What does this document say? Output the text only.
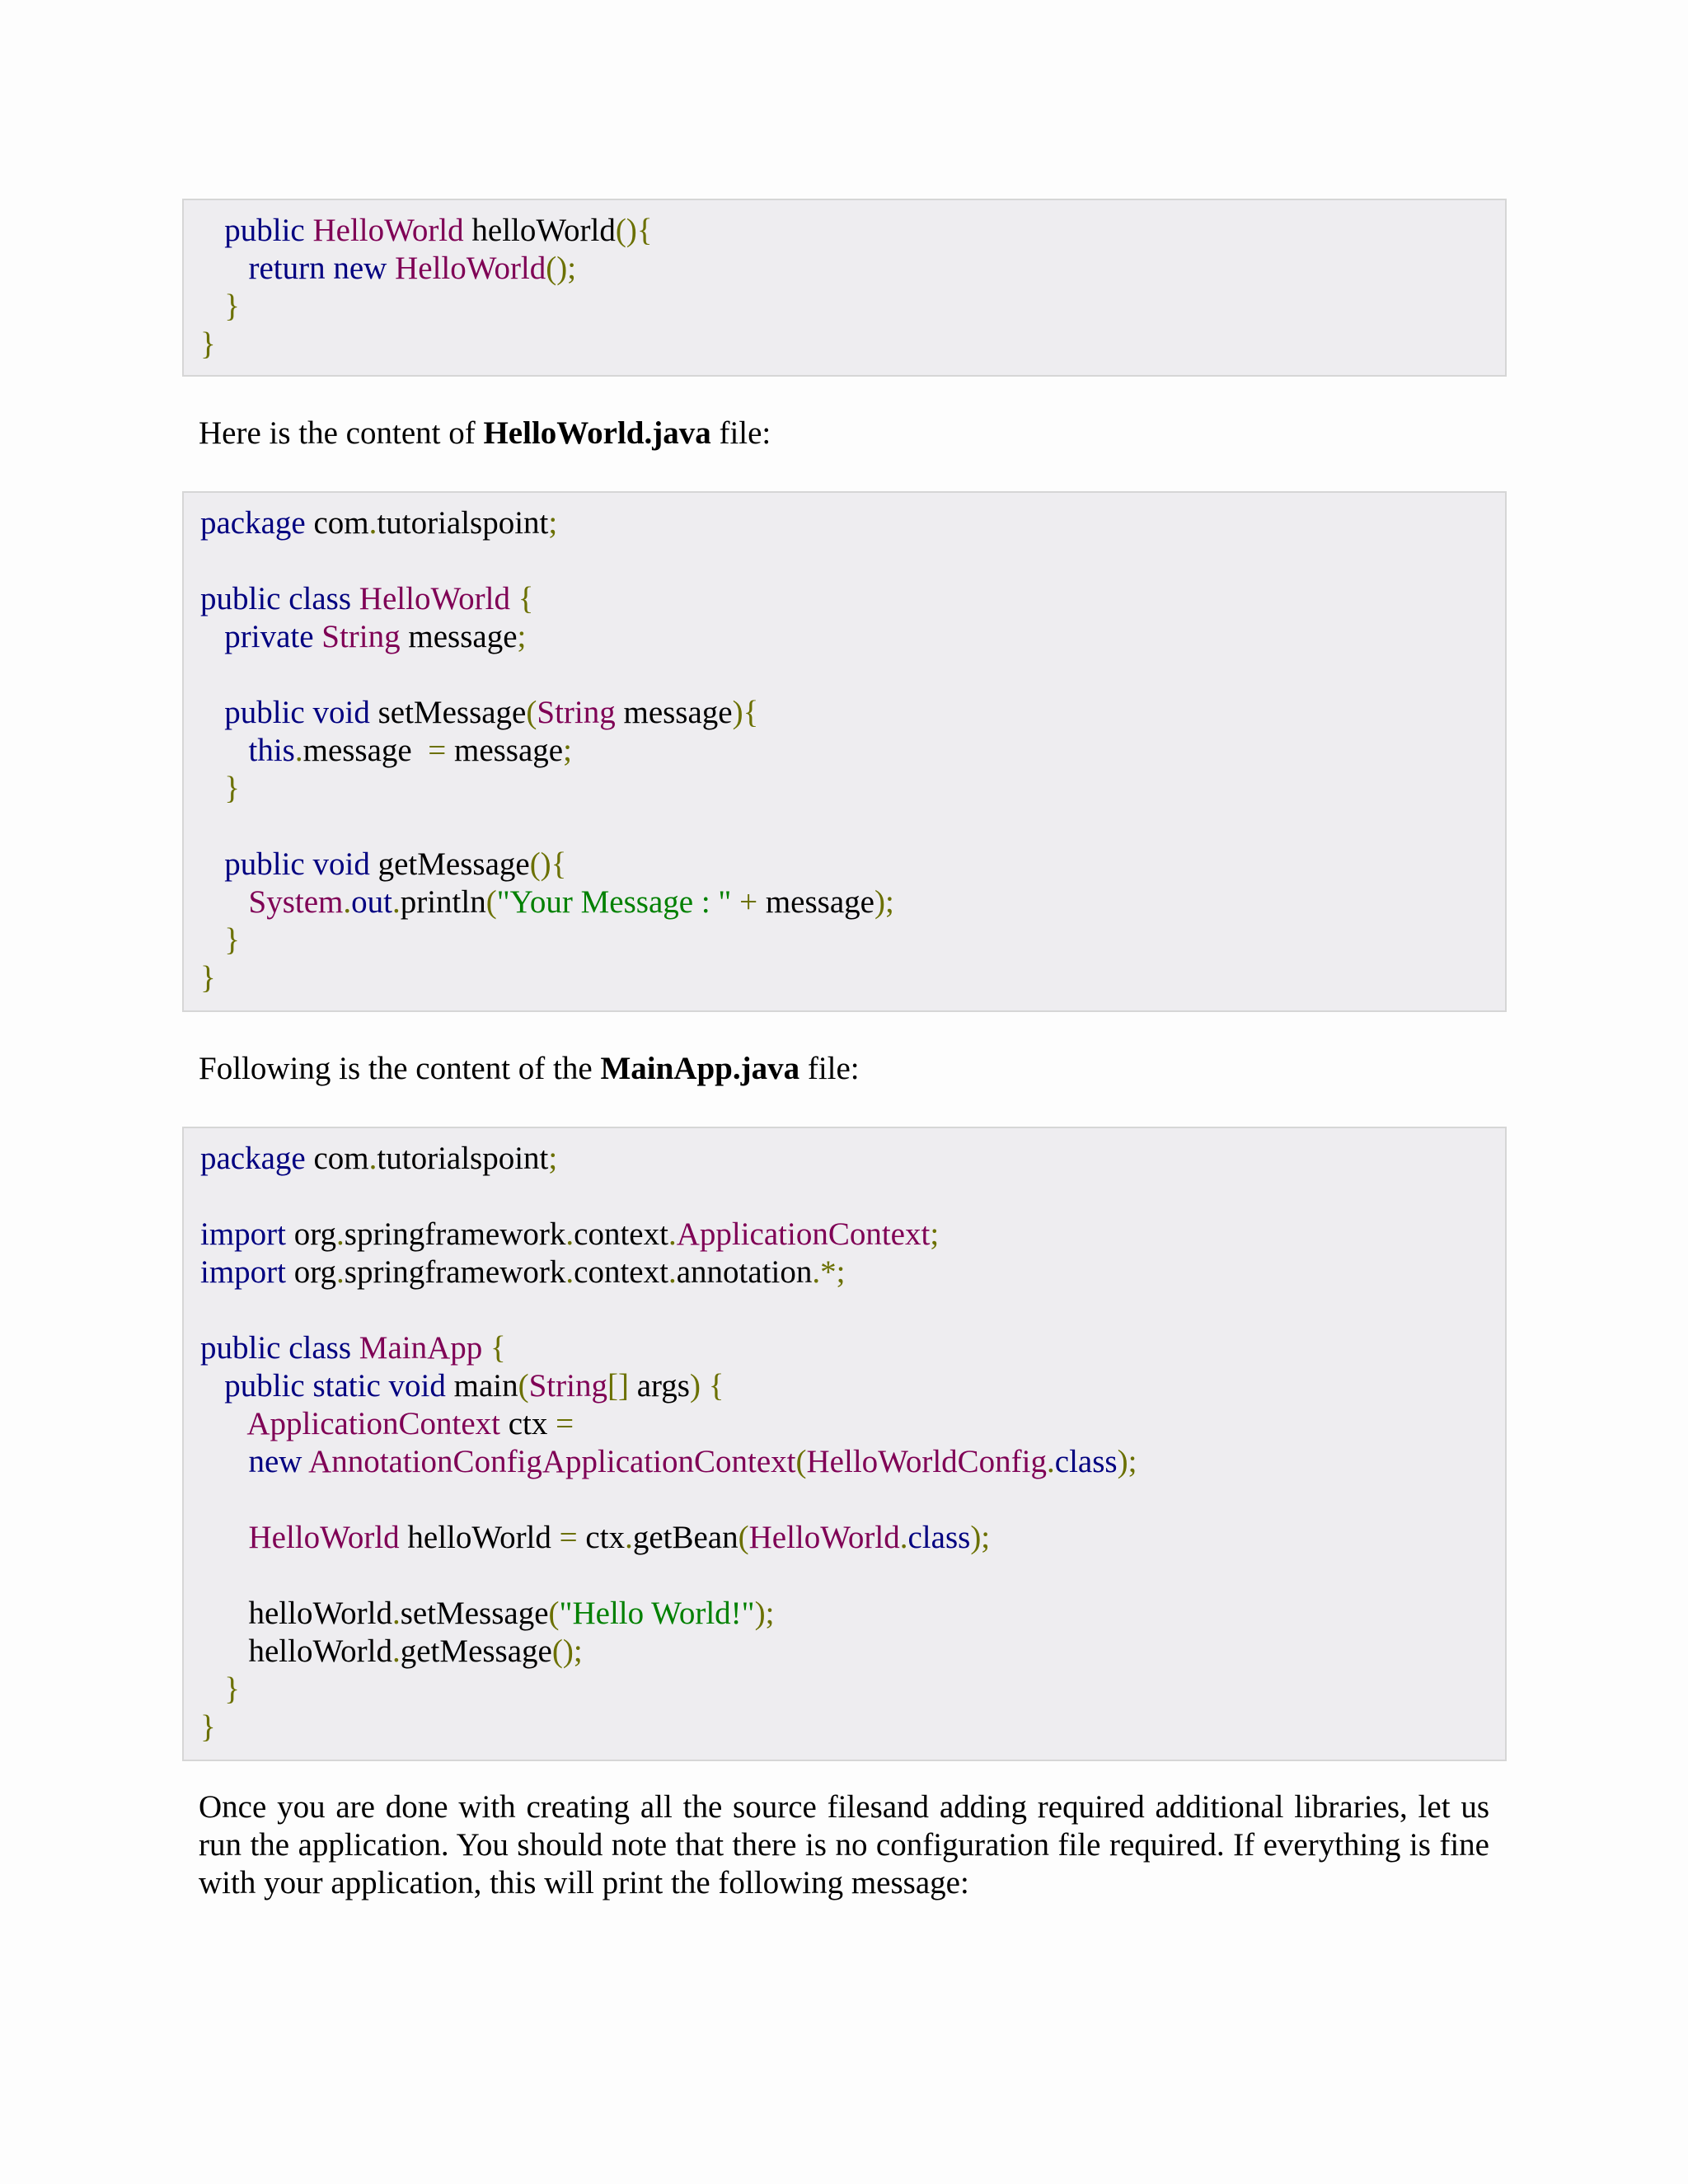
public HelloWorld helloWorld(){
return new HelloWorld();
}
}

Here is the content of HelloWorld.java file:

package com.tutorialspoint;

public class HelloWorld {
private String message;

public void setMessage(String message){
this.message  = message;
}

public void getMessage(){
System.out.println("Your Message : " + message);
}
}

Following is the content of the MainApp.java file:

package com.tutorialspoint;

import org.springframework.context.ApplicationContext;
import org.springframework.context.annotation.*;

public class MainApp {
public static void main(String[] args) {
ApplicationContext ctx =
new AnnotationConfigApplicationContext(HelloWorldConfig.class);

HelloWorld helloWorld = ctx.getBean(HelloWorld.class);

helloWorld.setMessage("Hello World!");
helloWorld.getMessage();
}
}

Once you are done with creating all the source filesand adding required additional libraries, let us run the application. You should note that there is no configuration file required. If everything is fine with your application, this will print the following message:
